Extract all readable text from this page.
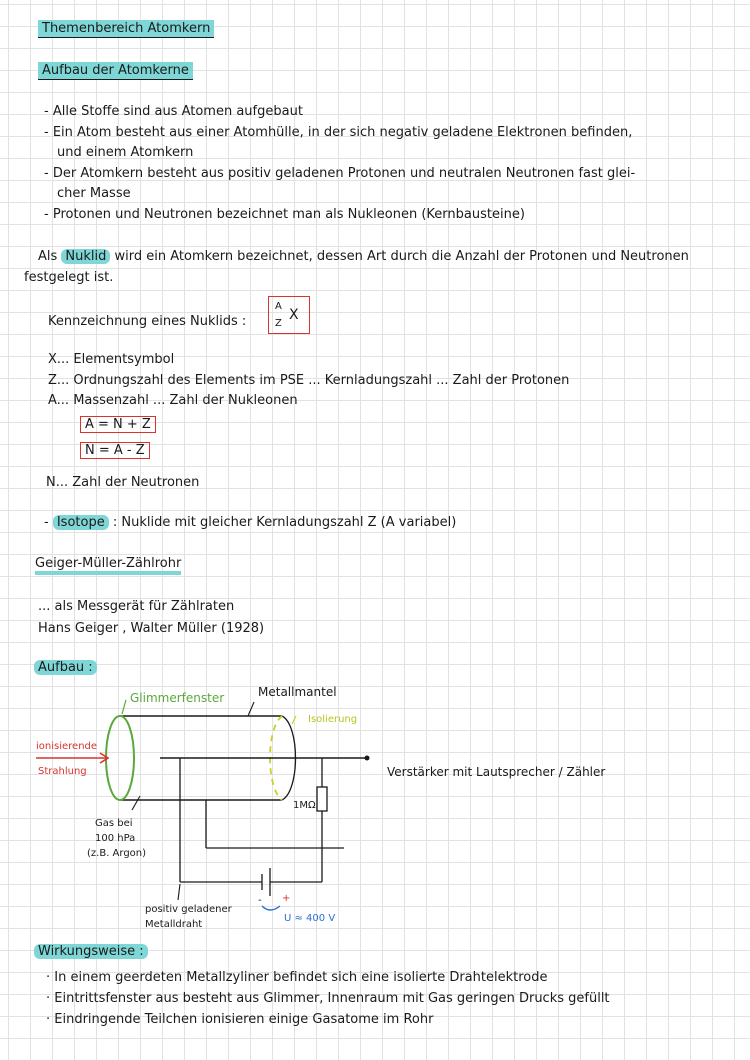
Themenbereich Atomkern
Aufbau der Atomkerne
- Alle Stoffe sind aus Atomen aufgebaut
- Ein Atom besteht aus einer Atomhülle, in der sich negativ geladene Elektronen befinden,
und einem Atomkern
- Der Atomkern besteht aus positiv geladenen Protonen und neutralen Neutronen fast glei-
cher Masse
- Protonen und Neutronen bezeichnet man als Nukleonen (Kernbausteine)
Als Nuklid wird ein Atomkern bezeichnet, dessen Art durch die Anzahl der Protonen und Neutronen
festgelegt ist.
Kennzeichnung eines Nuklids :
A
Z
X
X... Elementsymbol
Z... Ordnungszahl des Elements im PSE ... Kernladungszahl ... Zahl der Protonen
A... Massenzahl ... Zahl der Nukleonen
A = N + Z
N = A - Z
N... Zahl der Neutronen
- Isotope : Nuklide mit gleicher Kernladungszahl Z (A variabel)
Geiger-Müller-Zählrohr
... als Messgerät für Zählraten
Hans Geiger , Walter Müller (1928)
Aufbau :
Glimmerfenster	Metallmantel
Isolierung
ionisierende
Strahlung	Verstärker mit Lautsprecher / Zähler
1MΩ
Gas bei
100 hPa
(z.B. Argon)
- +
positiv geladener
Metalldraht
U ≈ 400 V
Wirkungsweise :
· In einem geerdeten Metallzyliner befindet sich eine isolierte Drahtelektrode
· Eintrittsfenster aus besteht aus Glimmer, Innenraum mit Gas geringen Drucks gefüllt
· Eindringende Teilchen ionisieren einige Gasatome im Rohr
